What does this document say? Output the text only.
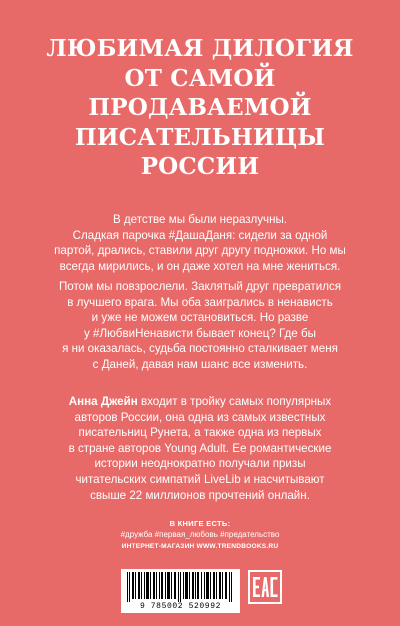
ЛЮБИМАЯ ДИЛОГИЯ
ОТ САМОЙ
ПРОДАВАЕМОЙ
ПИСАТЕЛЬНИЦЫ
РОССИИ
В детстве мы были неразлучны.
Сладкая парочка #ДашаДаня: сидели за одной
партой, дрались, ставили друг другу подножки. Но мы
всегда мирились, и он даже хотел на мне жениться.
Потом мы повзрослели. Заклятый друг превратился
в лучшего врага. Мы оба заигрались в ненависть
и уже не можем остановиться. Но разве
у #ЛюбвиНенависти бывает конец? Где бы
я ни оказалась, судьба постоянно сталкивает меня
с Даней, давая нам шанс все изменить.
Анна Джейн входит в тройку самых популярных
авторов России, она одна из самых известных
писательниц Рунета, а также одна из первых
в стране авторов Young Adult. Ее романтические
истории неоднократно получали призы
читательских симпатий LiveLib и насчитывают
свыше 22 миллионов прочтений онлайн.
В КНИГЕ ЕСТЬ:
#дружба #первая_любовь #предательство
ИНТЕРНЕТ-МАГАЗИН WWW.TRENDBOOKS.RU
9 785002 520992
